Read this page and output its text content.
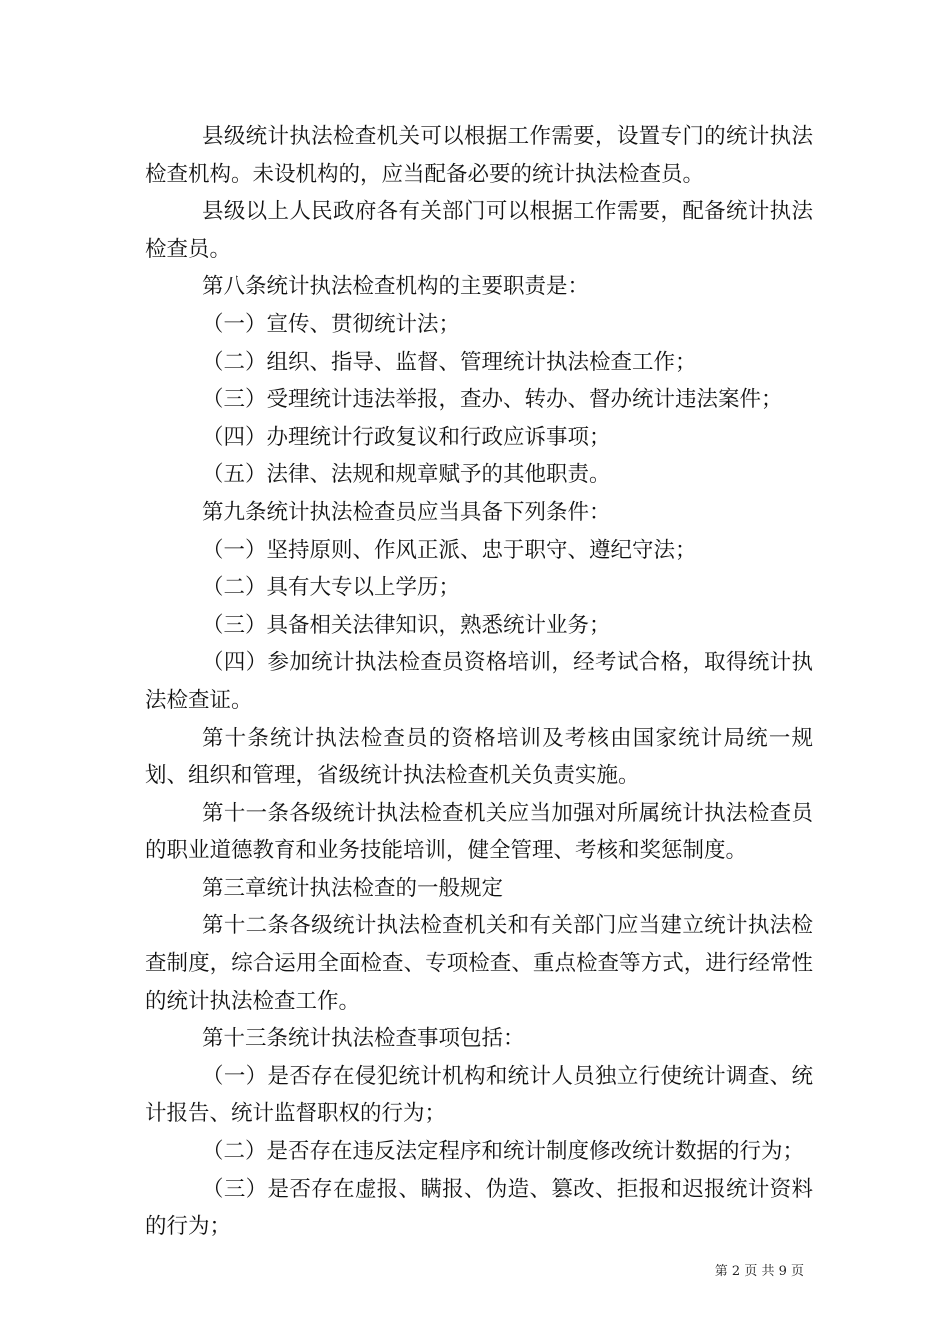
县级统计执法检查机关可以根据工作需要，设置专门的统计执法检查机构。未设机构的，应当配备必要的统计执法检查员。

县级以上人民政府各有关部门可以根据工作需要，配备统计执法检查员。

第八条统计执法检查机构的主要职责是：

（一）宣传、贯彻统计法；

（二）组织、指导、监督、管理统计执法检查工作；

（三）受理统计违法举报，查办、转办、督办统计违法案件；

（四）办理统计行政复议和行政应诉事项；

（五）法律、法规和规章赋予的其他职责。

第九条统计执法检查员应当具备下列条件：

（一）坚持原则、作风正派、忠于职守、遵纪守法；

（二）具有大专以上学历；

（三）具备相关法律知识，熟悉统计业务；

（四）参加统计执法检查员资格培训，经考试合格，取得统计执法检查证。

第十条统计执法检查员的资格培训及考核由国家统计局统一规划、组织和管理，省级统计执法检查机关负责实施。

第十一条各级统计执法检查机关应当加强对所属统计执法检查员的职业道德教育和业务技能培训，健全管理、考核和奖惩制度。

第三章统计执法检查的一般规定

第十二条各级统计执法检查机关和有关部门应当建立统计执法检查制度，综合运用全面检查、专项检查、重点检查等方式，进行经常性的统计执法检查工作。

第十三条统计执法检查事项包括：

（一）是否存在侵犯统计机构和统计人员独立行使统计调查、统计报告、统计监督职权的行为；

（二）是否存在违反法定程序和统计制度修改统计数据的行为；

（三）是否存在虚报、瞒报、伪造、篡改、拒报和迟报统计资料的行为；

第 2 页 共 9 页
